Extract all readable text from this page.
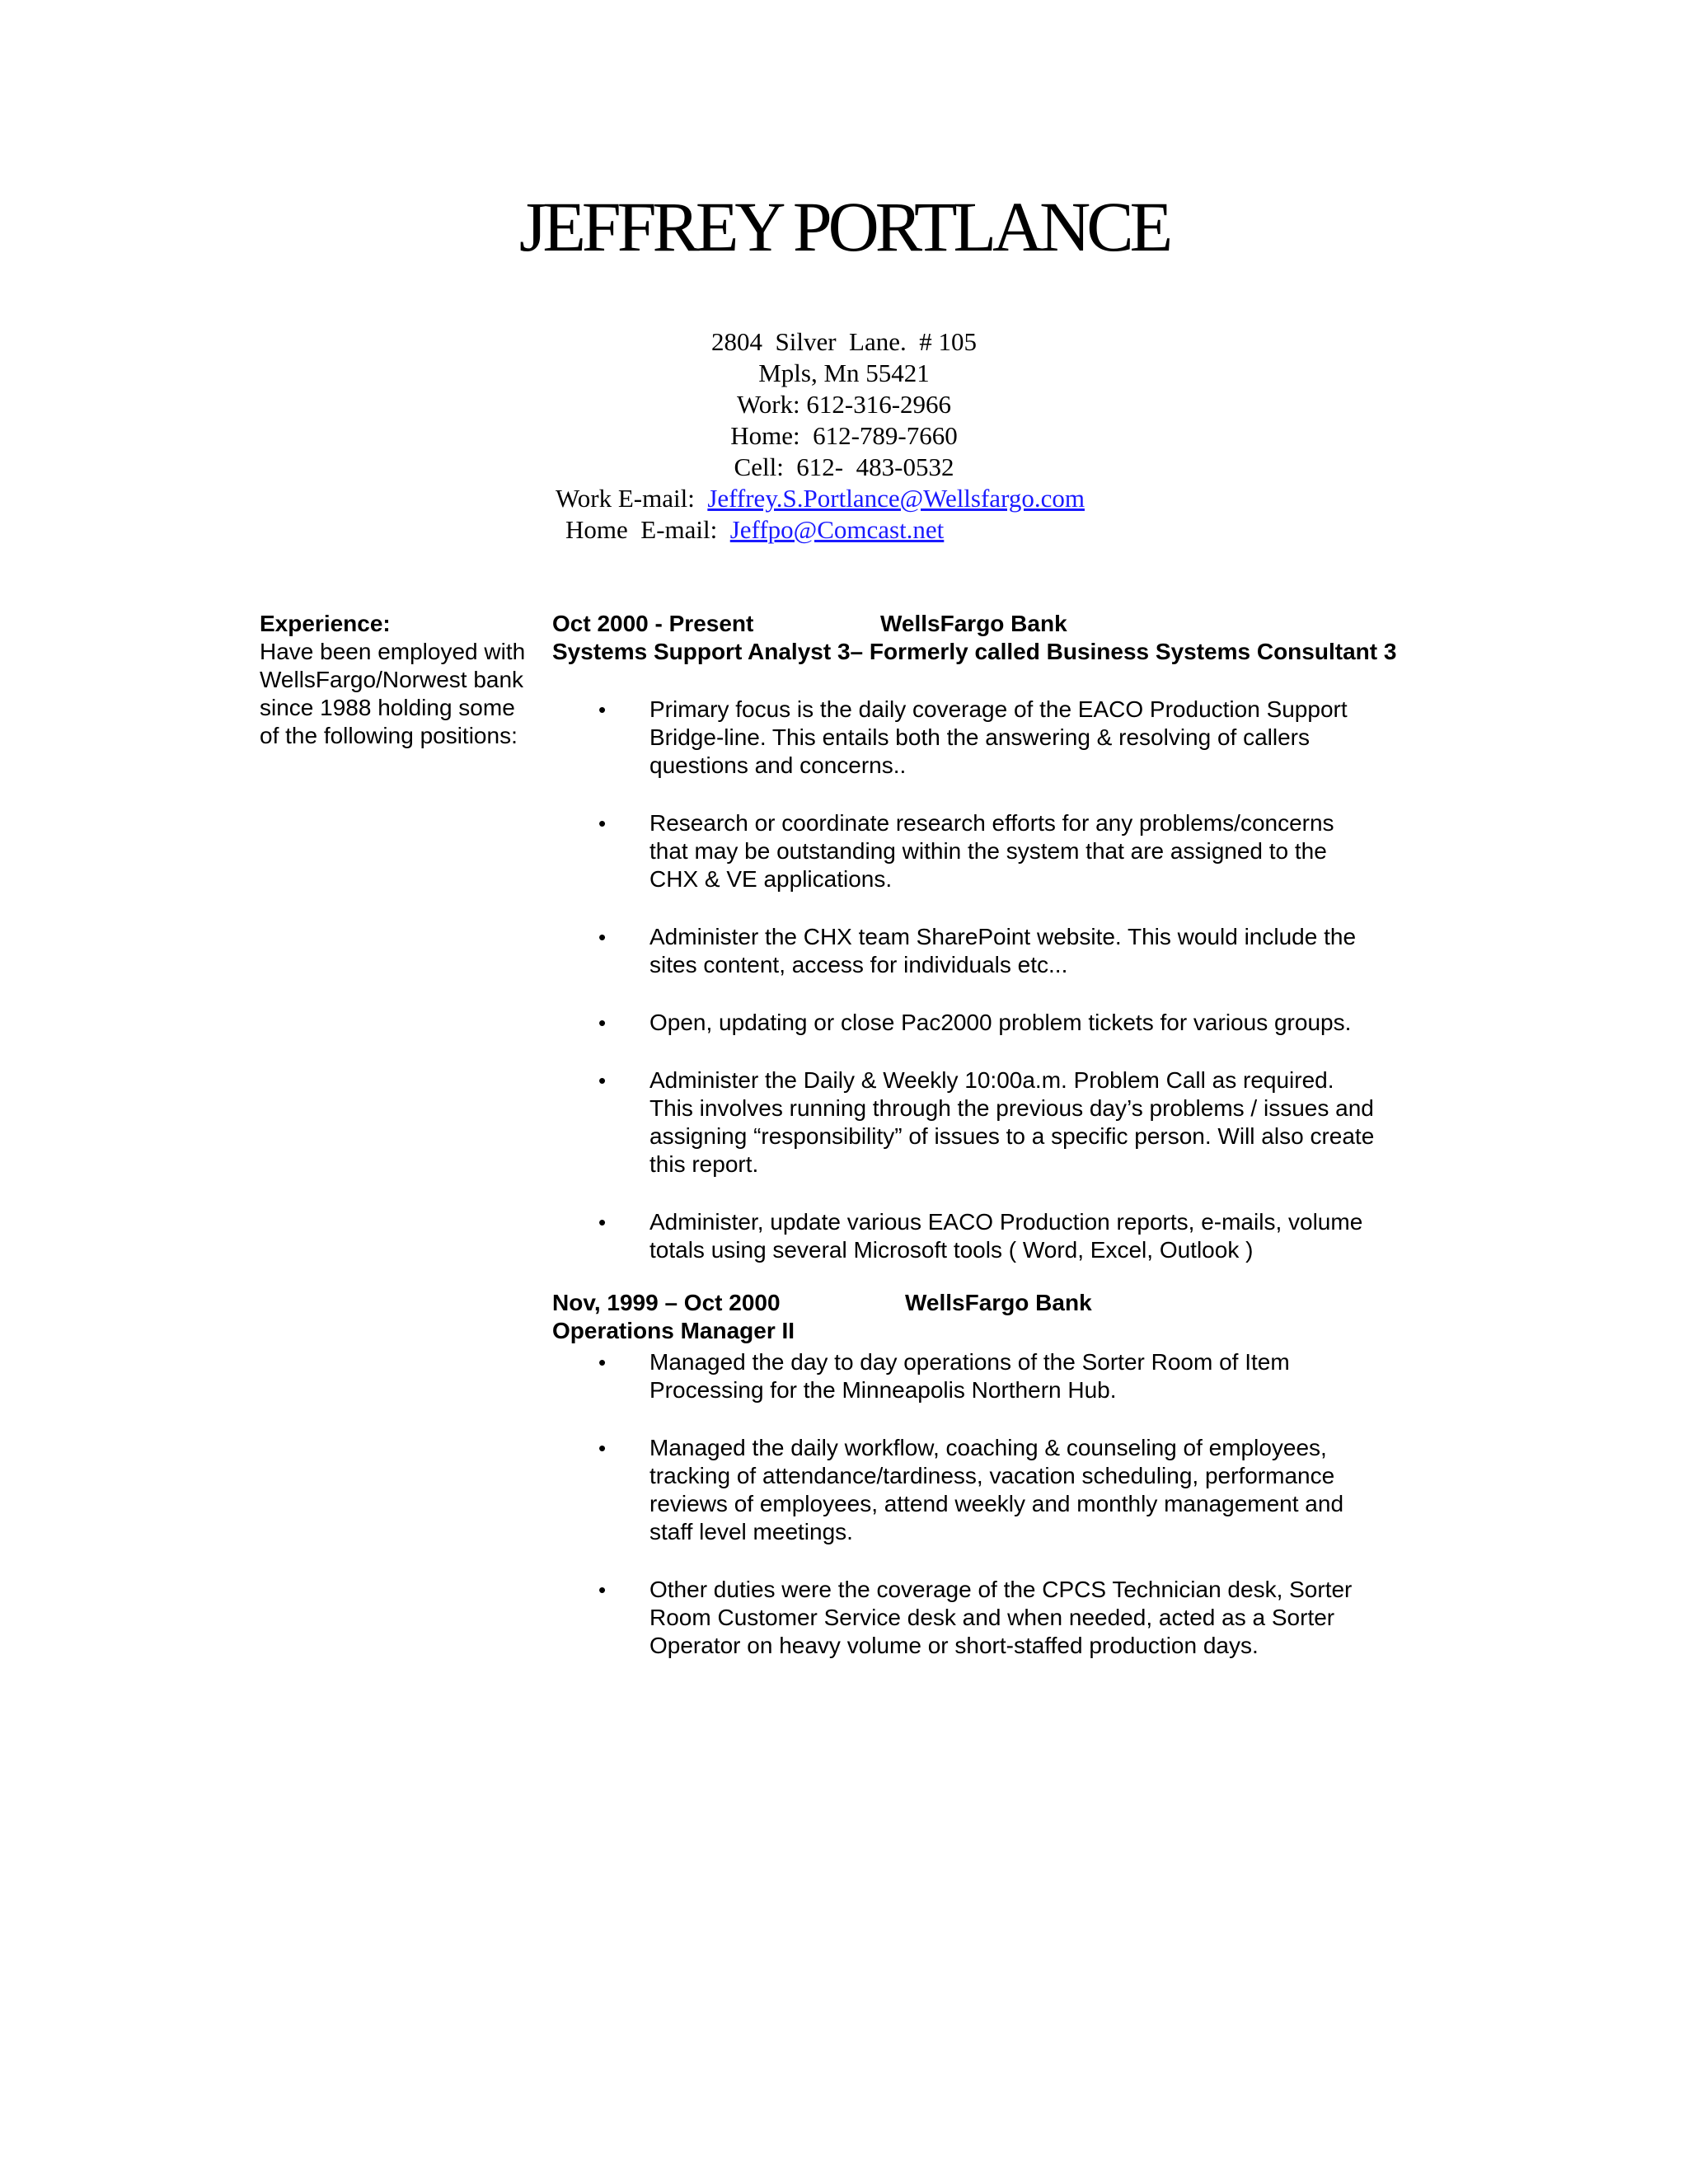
JEFFREY PORTLANCE
2804  Silver  Lane.  # 105
Mpls, Mn 55421
Work: 612-316-2966
Home:  612-789-7660
Cell:  612-  483-0532
Work E-mail: Jeffrey.S.Portlance@Wellsfargo.com
Home  E-mail: Jeffpo@Comcast.net
Experience:
Have been employed with WellsFargo/Norwest bank since 1988 holding some of the following positions:
Oct 2000 - Present	WellsFargo Bank
Systems Support Analyst 3– Formerly called Business Systems Consultant 3
• Primary focus is the daily coverage of the EACO Production Support Bridge-line. This entails both the answering & resolving of callers questions and concerns..
• Research or coordinate research efforts for any problems/concerns that may be outstanding within the system that are assigned to the CHX & VE applications.
• Administer the CHX team SharePoint website. This would include the sites content, access for individuals etc...
• Open, updating or close Pac2000 problem tickets for various groups.
• Administer the Daily & Weekly 10:00a.m. Problem Call as required. This involves running through the previous day’s problems / issues and assigning “responsibility” of issues to a specific person. Will also create this report.
• Administer, update various EACO Production reports, e-mails, volume totals using several Microsoft tools ( Word, Excel, Outlook )
Nov, 1999 – Oct 2000	WellsFargo Bank
Operations Manager II
• Managed the day to day operations of the Sorter Room of Item Processing for the Minneapolis Northern Hub.
• Managed the daily workflow, coaching & counseling of employees, tracking of attendance/tardiness, vacation scheduling, performance reviews of employees, attend weekly and monthly management and staff level meetings.
• Other duties were the coverage of the CPCS Technician desk, Sorter Room Customer Service desk and when needed, acted as a Sorter Operator on heavy volume or short-staffed production days.
